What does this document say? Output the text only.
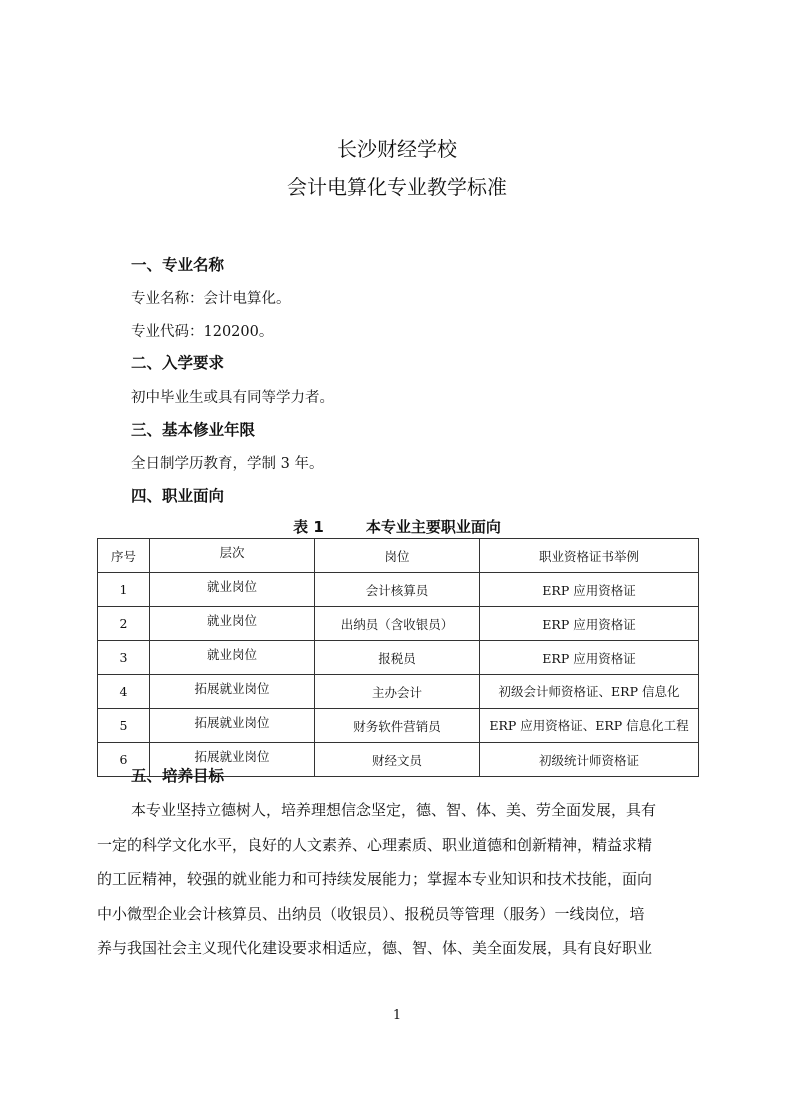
长沙财经学校
会计电算化专业教学标准
一、专业名称
专业名称：会计电算化。
专业代码：120200。
二、入学要求
初中毕业生或具有同等学力者。
三、基本修业年限
全日制学历教育，学制 3 年。
四、职业面向
表 1	本专业主要职业面向
序号	层次	岗位	职业资格证书举例
1	就业岗位	会计核算员	ERP 应用资格证
2	就业岗位	出纳员（含收银员）	ERP 应用资格证
3	就业岗位	报税员	ERP 应用资格证
4	拓展就业岗位	主办会计	初级会计师资格证、ERP 信息化

5	拓展就业岗位	财务软件营销员	ERP 应用资格证、ERP 信息化工程

6	拓展就业岗位	财经文员	初级统计师资格证
五、培养目标
本专业坚持立德树人，培养理想信念坚定，德、智、体、美、劳全面发展，具有
一定的科学文化水平，良好的人文素养、心理素质、职业道德和创新精神，精益求精
的工匠精神，较强的就业能力和可持续发展能力；掌握本专业知识和技术技能，面向
中小微型企业会计核算员、出纳员（收银员）、报税员等管理（服务）一线岗位，培
养与我国社会主义现代化建设要求相适应，德、智、体、美全面发展，具有良好职业
1
